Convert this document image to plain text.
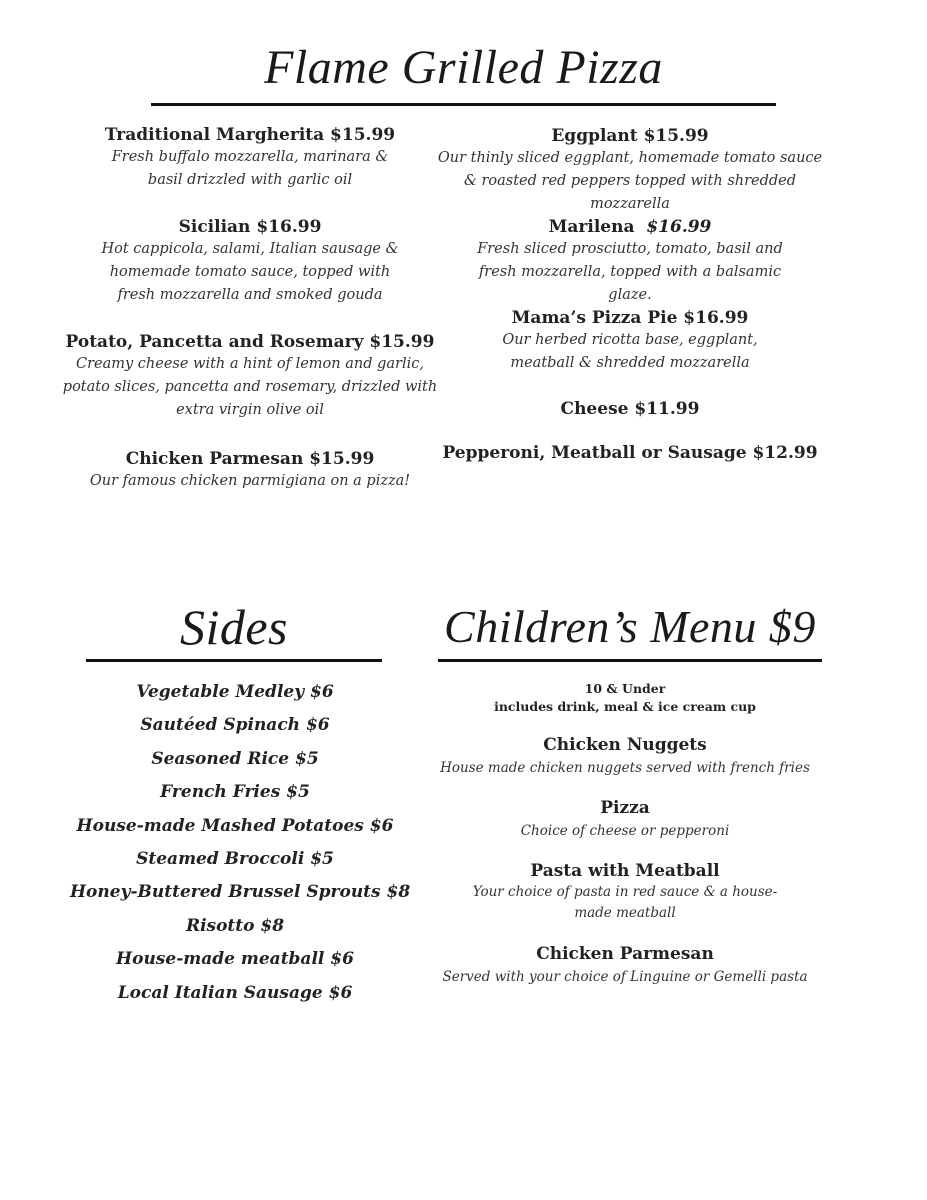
Flame Grilled Pizza
Traditional Margherita $15.99
Fresh buffalo mozzarella, marinara & basil drizzled with garlic oil
Sicilian $16.99
Hot cappicola, salami, Italian sausage & homemade tomato sauce, topped with fresh mozzarella and smoked gouda
Potato, Pancetta and Rosemary $15.99
Creamy cheese with a hint of lemon and garlic, potato slices, pancetta and rosemary, drizzled with extra virgin olive oil
Chicken Parmesan $15.99
Our famous chicken parmigiana on a pizza!
Eggplant $15.99
Our thinly sliced eggplant, homemade tomato sauce & roasted red peppers topped with shredded mozzarella
Marilena  $16.99
Fresh sliced prosciutto, tomato, basil and fresh mozzarella, topped with a balsamic glaze.
Mama’s Pizza Pie $16.99
Our herbed ricotta base, eggplant, meatball & shredded mozzarella
Cheese $11.99
Pepperoni, Meatball or Sausage $12.99
Sides
Vegetable Medley $6
Sautéed Spinach $6
Seasoned Rice $5
French Fries $5
House-made Mashed Potatoes $6
Steamed Broccoli $5
Honey-Buttered Brussel Sprouts $8
Risotto $8
House-made meatball $6
Local Italian Sausage $6
Children’s Menu $9
10 & Under
includes drink, meal & ice cream cup
Chicken Nuggets
House made chicken nuggets served with french fries
Pizza
Choice of cheese or pepperoni
Pasta with Meatball
Your choice of pasta in red sauce & a house-made meatball
Chicken Parmesan
Served with your choice of Linguine or Gemelli pasta
